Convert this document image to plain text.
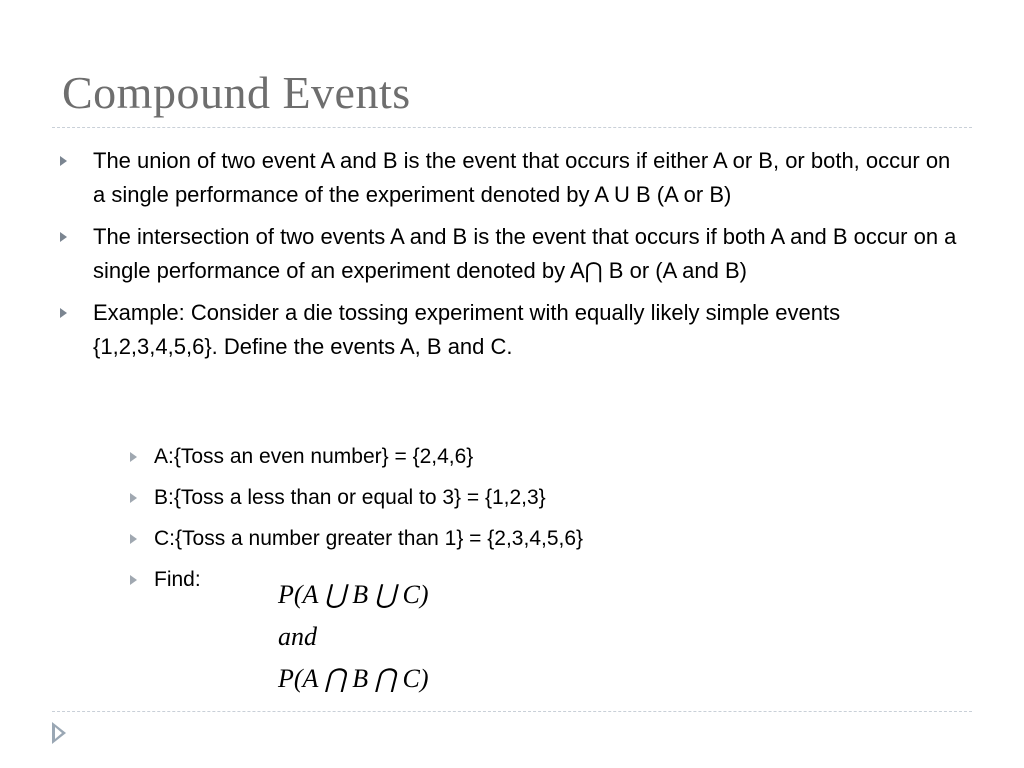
Compound Events
The union of two event A and B is the event that occurs if either A or B, or both, occur on a single performance of the experiment denoted by A U B (A or B)
The intersection of two events A and B is the event that occurs if both A and B occur on a single performance of an experiment denoted by A⋂ B or (A and B)
Example: Consider a die tossing experiment with equally likely simple events {1,2,3,4,5,6}. Define the events A, B and C.
A:{Toss an even number} = {2,4,6}
B:{Toss a less than or equal to 3} = {1,2,3}
C:{Toss a number greater than 1} = {2,3,4,5,6}
Find:
P(A ⋃ B ⋃ C)
and
P(A ⋂ B ⋂ C)
